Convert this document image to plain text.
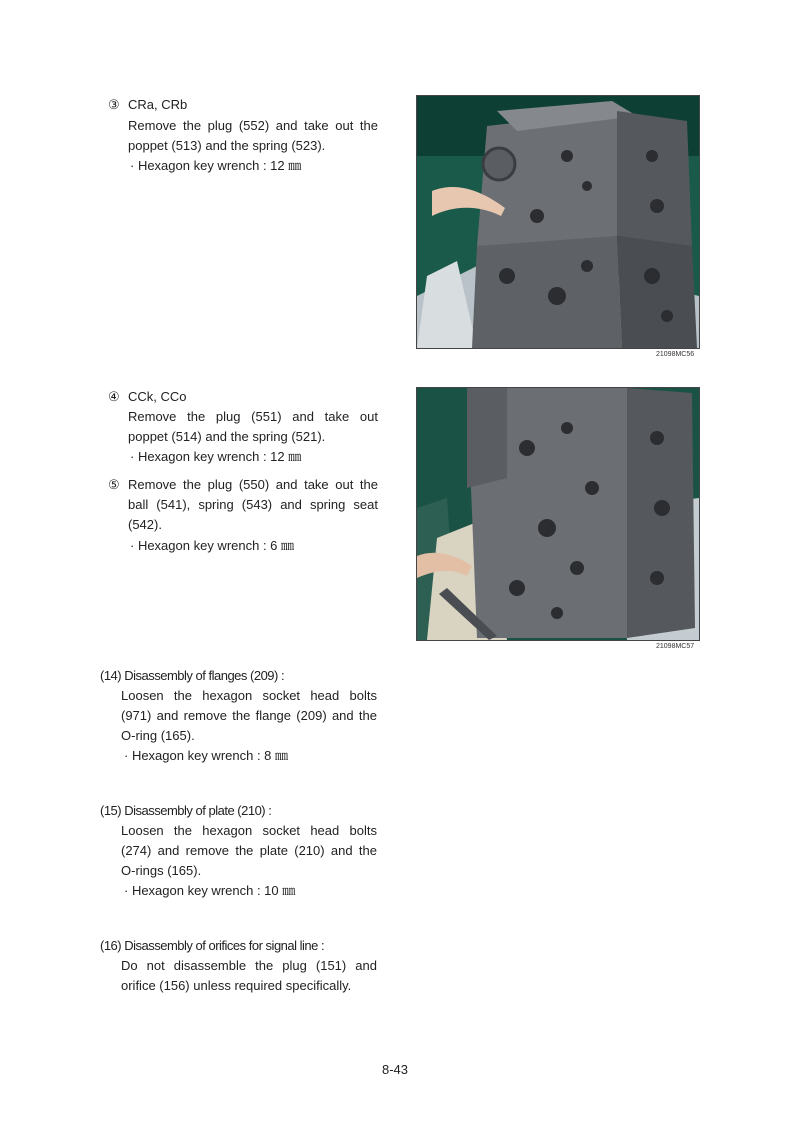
③ CRa, CRb
Remove the plug (552) and take out the
poppet (513) and the spring (523).
· Hexagon key wrench : 12 ㎜
21098MC56
④ CCk, CCo
Remove the plug (551) and take out
poppet (514) and the spring (521).
· Hexagon key wrench : 12 ㎜
⑤ Remove the plug (550) and take out the
ball (541), spring (543) and spring seat
(542).
· Hexagon key wrench : 6 ㎜
21098MC57
(14) Disassembly of flanges (209) :
Loosen the hexagon socket head bolts
(971) and remove the flange (209) and the
O-ring (165).
· Hexagon key wrench : 8 ㎜
(15) Disassembly of plate (210) :
Loosen the hexagon socket head bolts
(274) and remove the plate (210) and the
O-rings (165).
· Hexagon key wrench : 10 ㎜
(16) Disassembly of orifices for signal line :
Do not disassemble the plug (151) and
orifice (156) unless required specifically.
8-43
